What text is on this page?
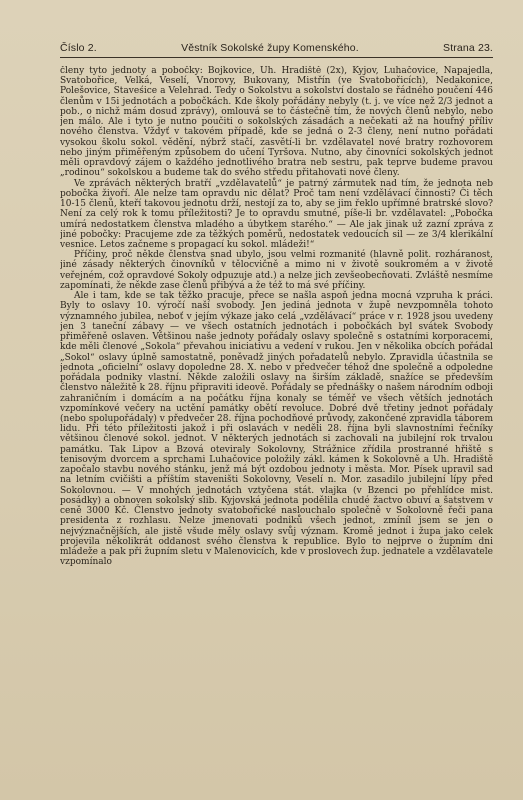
Číslo 2.	Věstník Sokolské župy Komenského.	Strana 23.

členy tyto jednoty a pobočky: Bojkovice, Uh. Hradiště (2x), Kyjov, Luhačovice, Napajedla, Svatobořice, Velká, Veselí, Vnorovy, Bukovany, Mistřín (ve Svatobořicích), Nedakonice, Polešovice, Staveśice a Velehrad. Tedy o Sokolstvu a sokolství dostalo se řádného poučení 446 členům v 15i jednotách a pobočkách. Kde školy pořádány nebyly (t. j. ve více než 2/3 jednot a pob., o nichž mám dosud zprávy), omlouvá se to částečně tím, že nových členů nebylo, nebo jen málo. Ale i tyto je nutno poučiti o sokolských zásadách a nečekati až na houfný příliv nového členstva. Vždyť v takovém případě, kde se jedná o 2-3 členy, není nutno pořádati vysokou školu sokol. vědění, nýbrž stačí, zasvětí-li br. vzdělavatel nové bratry rozhovorem nebo jiným přiměřeným způsobem do učení Tyršova. Nutno, aby činovníci sokolských jednot měli opravdový zájem o každého jednotlivého bratra neb sestru, pak teprve budeme pravou „rodinou“ sokolskou a budeme tak do svého středu přitahovati nové členy.

Ve zprávách některých bratří „vzdělavatelů“ je patrný zármutek nad tím, že jednota neb pobočka živoří. Ale nelze tam opravdu nic dělat? Proč tam není vzdělávací činnosti? Či těch 10-15 členů, kteří takovou jednotu drží, nestojí za to, aby se jim řeklo upřímné bratrské slovo? Není za celý rok k tomu příležitosti? Je to opravdu smutné, píše-li br. vzdělavatel: „Pobočka umírá nedostatkem členstva mladého a úbytkem starého.“ — Ale jak jinak už zazní zpráva z jiné pobočky: Pracujeme zde za těžkých poměrů, nedostatek vedoucích sil — ze 3/4 klerikální vesnice. Letos začneme s propagací ku sokol. mládeži!“

Příčiny, proč někde členstva snad ubylo, jsou velmi rozmanité (hlavně polit. rozháranost, jiné zásady některých činovníků v tělocvičně a mimo ni v životě soukromém a v životě veřejném, což opravdové Sokoly odpuzuje atd.) a nelze jich zevšeobecňovati. Zvláště nesmíme zapomínati, že někde zase členů přibývá a že též to má své příčiny.

Ale i tam, kde se tak těžko pracuje, přece se našla aspoň jedna mocná vzpruha k práci. Byly to oslavy 10. výročí naší svobody. Jen jediná jednota v župě nevzpomněla tohoto významného jubilea, neboť v jejím výkaze jako celá „vzdělávací“ práce v r. 1928 jsou uvedeny jen 3 taneční zábavy — ve všech ostatních jednotách i pobočkách byl svátek Svobody přiměřeně oslaven. Většinou naše jednoty pořádaly oslavy společně s ostatními korporacemi, kde měli členové „Sokola“ převahou iniciativu a vedení v rukou. Jen v několika obcích pořádal „Sokol“ oslavy úplně samostatně, poněvadž jiných pořadatelů nebylo. Zpravidla účastnila se jednota „oficielní“ oslavy dopoledne 28. X. nebo v předvečer téhož dne společně a odpoledne pořádala podniky vlastní. Někde založili oslavy na širším základě, snažíce se především členstvo náležitě k 28. říjnu připraviti ideově. Pořádaly se přednášky o našem národním odboji zahraničním i domácím a na počátku října konaly se téměř ve všech větších jednotách vzpomínkové večery na uctění památky obětí revoluce. Dobré dvě třetiny jednot pořádaly (nebo spolupořádaly) v předvečer 28. října pochodňové průvody, zakončené zpravidla táborem lidu. Při této příležitosti jakož i při oslavách v neděli 28. října byli slavnostními řečníky většinou členové sokol. jednot. V některých jednotách si zachovali na jubilejní rok trvalou památku. Tak Lipov a Bzová oteviraly Sokolovny, Strážnice zřídila prostranné hřiště s tenisovým dvorcem a sprchami Luhačovice položily zákl. kámen k Sokolovně a Uh. Hradiště započalo stavbu nového stánku, jenž má být ozdobou jednoty i města. Mor. Písek upravil sad na letním cvičišti a příštím staveništi Sokolovny, Veselí n. Mor. zasadilo jubilejní lípy před Sokolovnou. — V mnohých jednotách vztyčena stát. vlajka (v Bzenci po přehlídce mist. posádky) a obnoven sokolský slib. Kyjovská jednota podělila chudé žactvo obuví a šatstvem v ceně 3000 Kč. Členstvo jednoty svatobořické naslouchalo společně v Sokolovně řeči pana presidenta z rozhlasu. Nelze jmenovati podniků všech jednot, zmíníl jsem se jen o nejvýznačnějších, ale jistě všude měly oslavy svůj význam. Kromě jednot i župa jako celek projevila několikrát oddanost svého členstva k republice. Bylo to nejprve o župním dni mládeže a pak při župním sletu v Malenovicích, kde v proslovech žup. jednatele a vzdělavatele vzpomínalo
